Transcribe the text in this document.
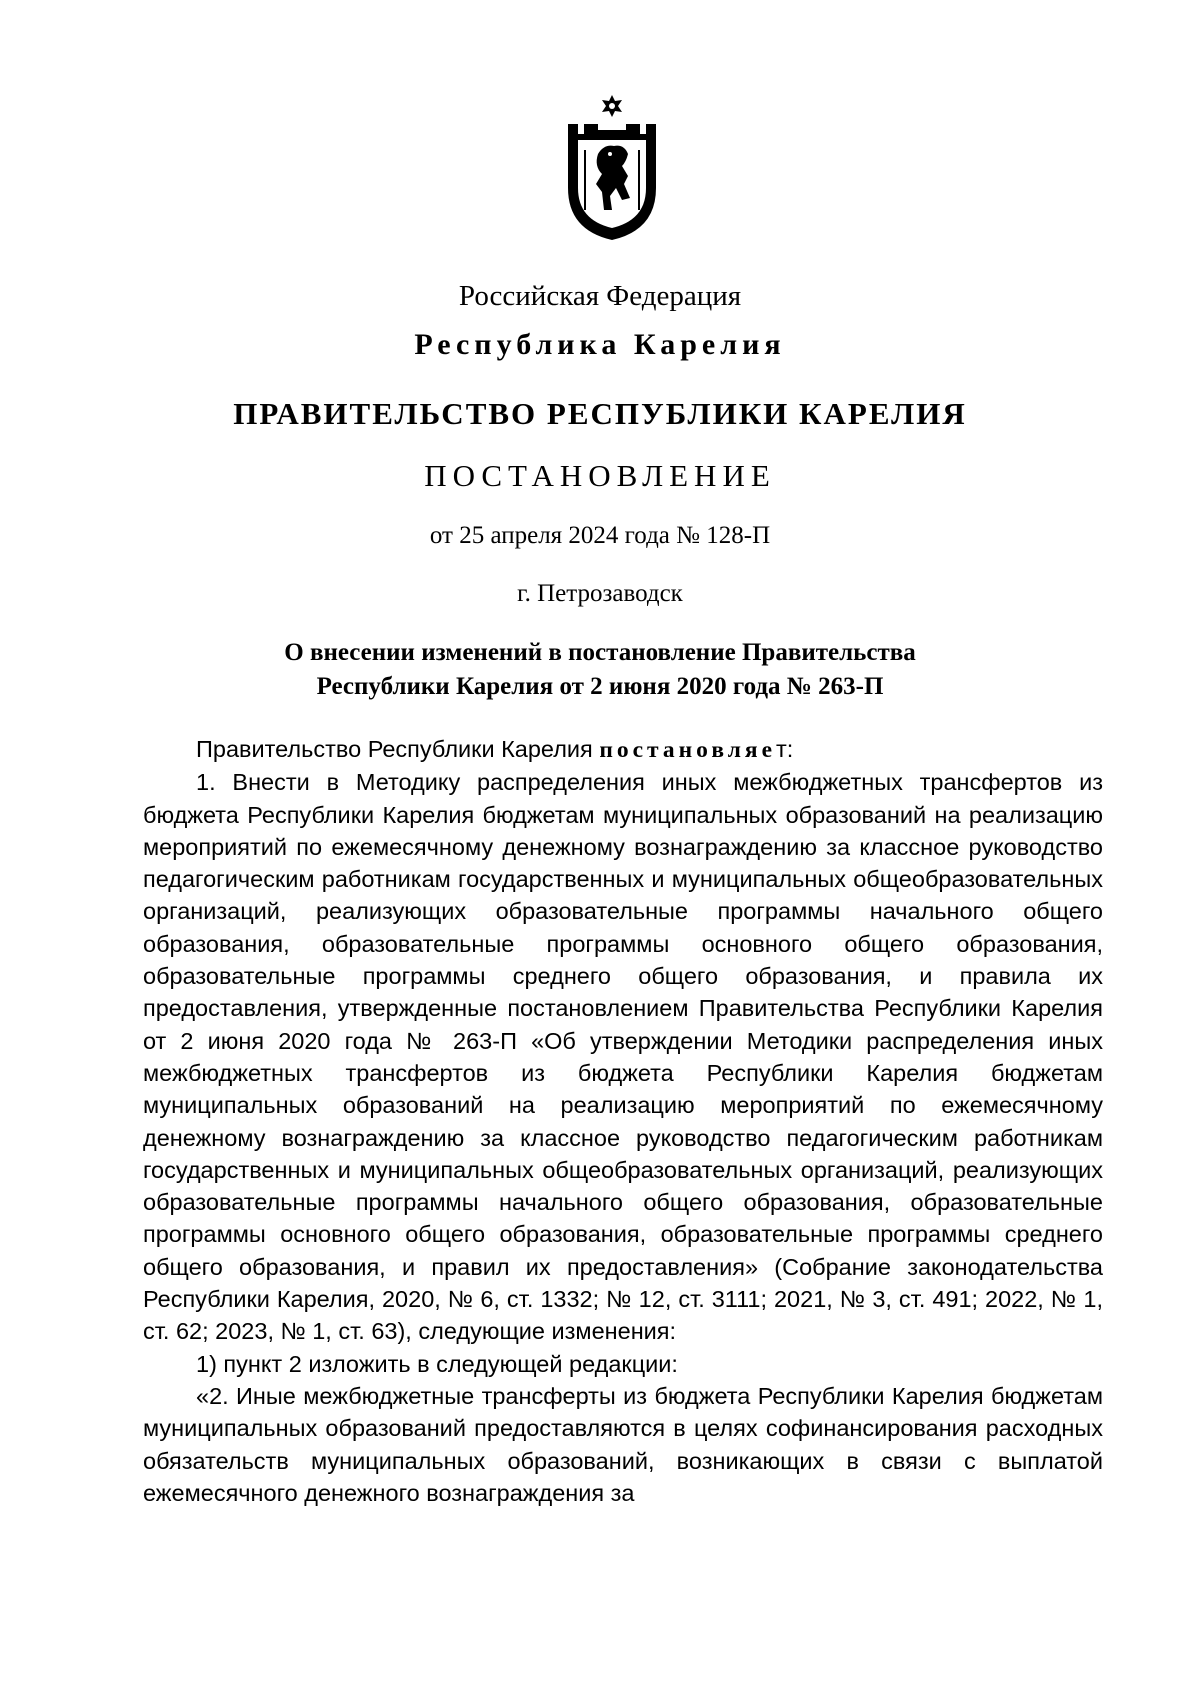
Российская Федерация
Республика Карелия
ПРАВИТЕЛЬСТВО РЕСПУБЛИКИ КАРЕЛИЯ
ПОСТАНОВЛЕНИЕ
от 25 апреля 2024 года № 128-П
г. Петрозаводск
О внесении изменений в постановление Правительства
Республики Карелия от 2 июня 2020 года № 263-П

Правительство Республики Карелия постановляет:

1. Внести в Методику распределения иных межбюджетных трансфертов из бюджета Республики Карелия бюджетам муниципальных образований на реализацию мероприятий по ежемесячному денежному вознаграждению за классное руководство педагогическим работникам государственных и муниципальных общеобразовательных организаций, реализующих образовательные программы начального общего образования, образовательные программы основного общего образования, образовательные программы среднего общего образования, и правила их предоставления, утвержденные постановлением Правительства Республики Карелия от 2 июня 2020 года № 263-П «Об утверждении Методики распределения иных межбюджетных трансфертов из бюджета Республики Карелия бюджетам муниципальных образований на реализацию мероприятий по ежемесячному денежному вознаграждению за классное руководство педагогическим работникам государственных и муниципальных общеобразовательных организаций, реализующих образовательные программы начального общего образования, образовательные программы основного общего образования, образовательные программы среднего общего образования, и правил их предоставления» (Собрание законодательства Республики Карелия, 2020, № 6, ст. 1332; № 12, ст. 3111; 2021, № 3, ст. 491; 2022, № 1, ст. 62; 2023, № 1, ст. 63), следующие изменения:

1) пункт 2 изложить в следующей редакции:

«2. Иные межбюджетные трансферты из бюджета Республики Карелия бюджетам муниципальных образований предоставляются в целях софинансирования расходных обязательств муниципальных образований, возникающих в связи с выплатой ежемесячного денежного вознаграждения за
